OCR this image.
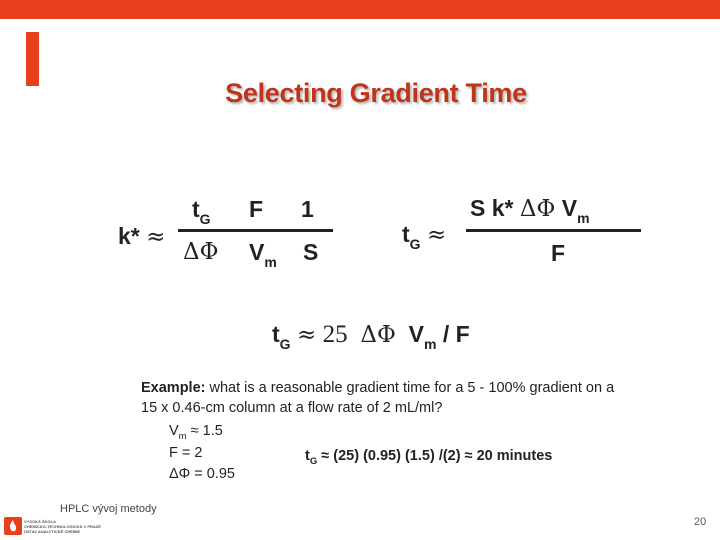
Selecting Gradient Time
k* ≈
$t_G$ F 1
ΔΦ $V_m$ S
$t_G$ ≈
S k* ΔΦ $V_m$
F
$t_G \approx 25$ ΔΦ $V_m$ / F
Example: what is a reasonable gradient time for a 5 - 100% gradient on a
15 x 0.46-cm column at a flow rate of 2 mL/ml?
$V_m \approx 1.5$
F = 2
ΔΦ = 0.95
$t_G \approx (25)$ (0.95) (1.5) /(2) ≈ 20 minutes
HPLC vývoj metody
VYSOKÁ ŠKOLA
CHEMICKO-TECHNOLOGICKÁ V PRAZE
ÚSTAV ANALYTICKÉ CHEMIE
20
